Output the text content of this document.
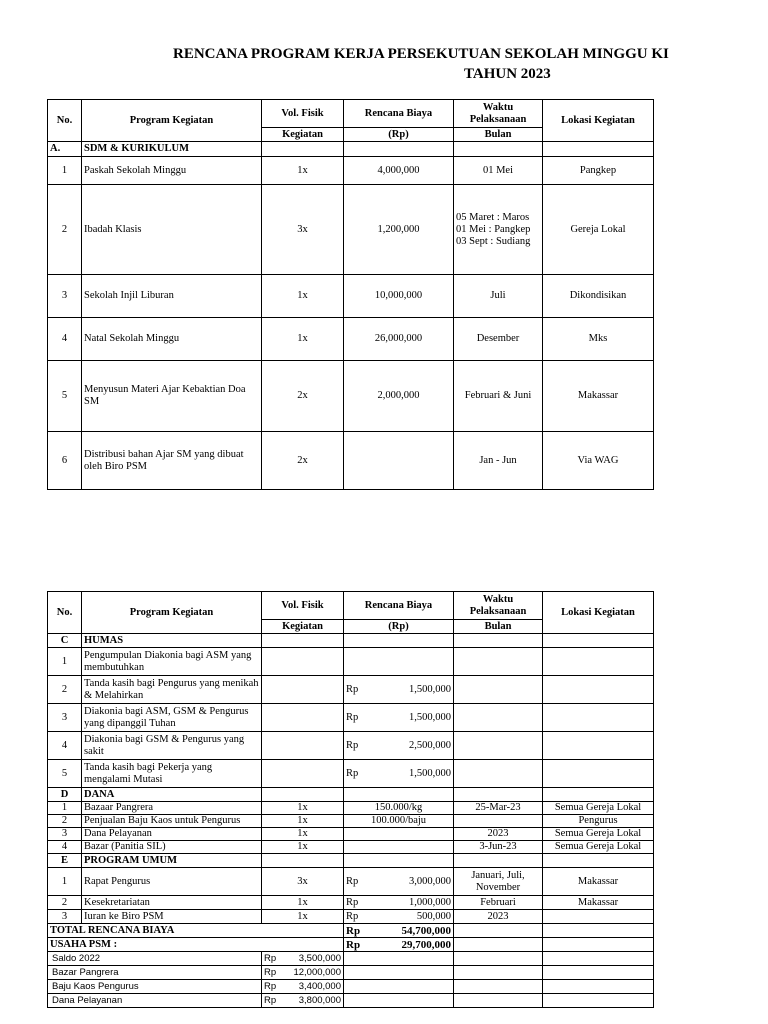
RENCANA PROGRAM KERJA PERSEKUTUAN SEKOLAH MINGGU KI
TAHUN 2023
No.	Program Kegiatan	Vol. Fisik	Rencana Biaya	Waktu Pelaksanaan	Lokasi Kegiatan
		Kegiatan	(Rp)	Bulan	
A.	SDM & KURIKULUM				
1	Paskah Sekolah Minggu	1x	4,000,000	01 Mei	Pangkep
2	Ibadah Klasis	3x	1,200,000	05 Maret : Maros
01 Mei : Pangkep
03 Sept : Sudiang	Gereja Lokal
3	Sekolah Injil Liburan	1x	10,000,000	Juli	Dikondisikan
4	Natal Sekolah Minggu	1x	26,000,000	Desember	Mks
5	Menyusun Materi Ajar Kebaktian Doa SM	2x	2,000,000	Februari & Juni	Makassar
6	Distribusi bahan Ajar SM yang dibuat oleh Biro PSM	2x		Jan - Jun	Via WAG
No.	Program Kegiatan	Vol. Fisik	Rencana Biaya	Waktu Pelaksanaan	Lokasi Kegiatan
		Kegiatan	(Rp)	Bulan	
C	HUMAS				
1	Pengumpulan Diakonia bagi ASM yang membutuhkan				
2	Tanda kasih bagi Pengurus yang menikah & Melahirkan		Rp 1,500,000		

3	Diakonia bagi ASM, GSM & Pengurus yang dipanggil Tuhan		Rp 1,500,000		

4	Diakonia bagi GSM & Pengurus yang sakit		Rp 2,500,000		

5	Tanda kasih bagi Pekerja yang mengalami Mutasi		Rp 1,500,000		

D	DANA				
1	Bazaar Pangrera	1x	150.000/kg	25-Mar-23	Semua Gereja Lokal
2	Penjualan Baju Kaos untuk Pengurus	1x	100.000/baju		Pengurus
3	Dana Pelayanan	1x		2023	Semua Gereja Lokal
4	Bazar (Panitia SIL)	1x		3-Jun-23	Semua Gereja Lokal
E	PROGRAM UMUM				
1	Rapat Pengurus	3x	Rp 3,000,000	Januari, Juli, November	Makassar
2	Kesekretariatan	1x	Rp 1,000,000	Februari	Makassar
3	Iuran ke Biro PSM	1x	Rp 500,000	2023	
TOTAL RENCANA BIAYA			Rp 54,700,000		

USAHA PSM :			Rp 29,700,000		

Saldo 2022		Rp 3,500,000			

Bazar Pangrera		Rp 12,000,000			

Baju Kaos Pengurus		Rp 3,400,000			

Dana Pelayanan		Rp 3,800,000			
